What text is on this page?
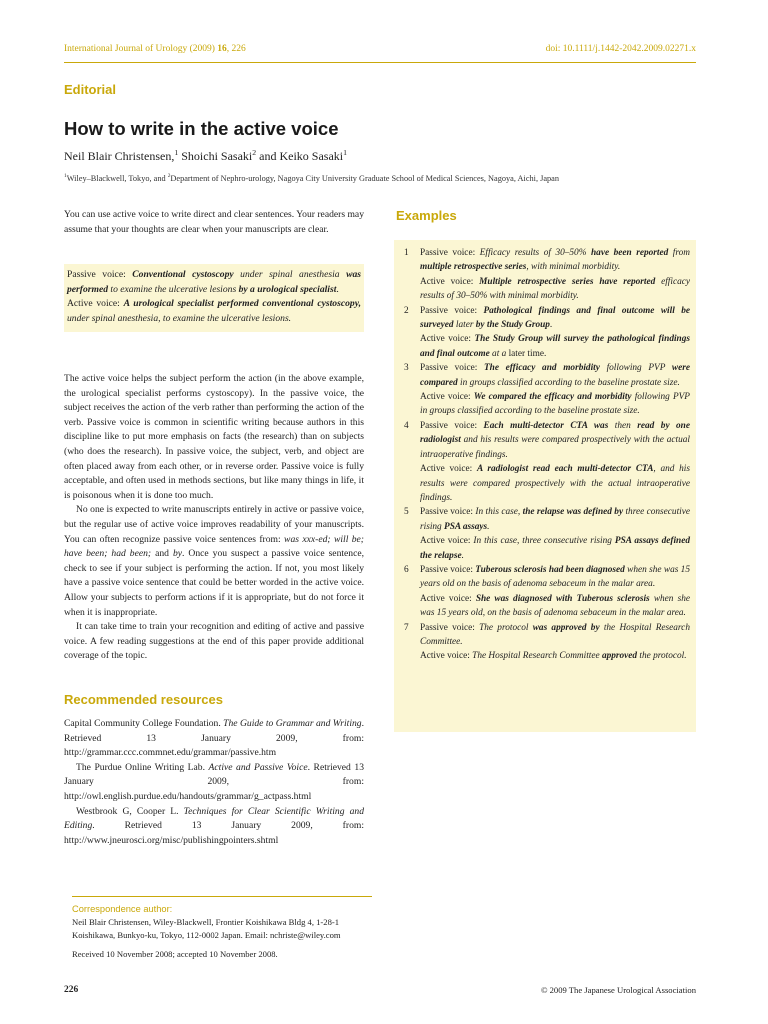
International Journal of Urology (2009) 16, 226	doi: 10.1111/j.1442-2042.2009.02271.x
Editorial
How to write in the active voice
Neil Blair Christensen,$^1$ Shoichi Sasaki$^2$ and Keiko Sasaki$^1$
$^1$Wiley–Blackwell, Tokyo, and $^2$Department of Nephro-urology, Nagoya City University Graduate School of Medical Sciences, Nagoya, Aichi, Japan

You can use active voice to write direct and clear sentences. Your readers may assume that your thoughts are clear when your manuscripts are clear.

Passive voice: Conventional cystoscopy under spinal anesthesia was performed to examine the ulcerative lesions by a urological specialist.

Active voice: A urological specialist performed conventional cystoscopy, under spinal anesthesia, to examine the ulcerative lesions.

The active voice helps the subject perform the action (in the above example, the urological specialist performs cystoscopy). In the passive voice, the subject receives the action of the verb rather than performing the action of the verb. Passive voice is common in scientific writing because authors in this discipline like to put more emphasis on facts (the research) than on subjects (who does the research). In passive voice, the subject, verb, and object are often placed away from each other, or in reverse order. Passive voice is fully acceptable, and often used in methods sections, but like many things in life, it is poisonous when it is done too much.

No one is expected to write manuscripts entirely in active or passive voice, but the regular use of active voice improves readability of your manuscripts. You can often recognize passive voice sentences from: was xxx-ed; will be; have been; had been; and by. Once you suspect a passive voice sentence, check to see if your subject is performing the action. If not, you most likely have a passive voice sentence that could be better worded in the active voice. Allow your subjects to perform actions if it is appropriate, but do not force it when it is inappropriate.

It can take time to train your recognition and editing of active and passive voice. A few reading suggestions at the end of this paper provide additional coverage of the topic.

Recommended resources

Capital Community College Foundation. The Guide to Grammar and Writing. Retrieved 13 January 2009, from: http://grammar.ccc.commnet.edu/grammar/passive.htm

The Purdue Online Writing Lab. Active and Passive Voice. Retrieved 13 January 2009, from: http://owl.english.purdue.edu/handouts/grammar/g_actpass.html

Westbrook G, Cooper L. Techniques for Clear Scientific Writing and Editing. Retrieved 13 January 2009, from: http://www.jneurosci.org/misc/publishingpointers.shtml

Examples
1	Passive voice: Efficacy results of 30–50% have been reported from multiple retrospective series, with minimal morbidity.

Active voice: Multiple retrospective series have reported efficacy results of 30–50% with minimal morbidity.

2	Passive voice: Pathological findings and final outcome will be surveyed later by the Study Group.

Active voice: The Study Group will survey the pathological findings and final outcome at a later time.

3	Passive voice: The efficacy and morbidity following PVP were compared in groups classified according to the baseline prostate size.

Active voice: We compared the efficacy and morbidity following PVP in groups classified according to the baseline prostate size.

4	Passive voice: Each multi-detector CTA was then read by one radiologist and his results were compared prospectively with the actual intraoperative findings.

Active voice: A radiologist read each multi-detector CTA, and his results were compared prospectively with the actual intraoperative findings.

5	Passive voice: In this case, the relapse was defined by three consecutive rising PSA assays.

Active voice: In this case, three consecutive rising PSA assays defined the relapse.

6	Passive voice: Tuberous sclerosis had been diagnosed when she was 15 years old on the basis of adenoma sebaceum in the malar area.

Active voice: She was diagnosed with Tuberous sclerosis when she was 15 years old, on the basis of adenoma sebaceum in the malar area.

7	Passive voice: The protocol was approved by the Hospital Research Committee.

Active voice: The Hospital Research Committee approved the protocol.

Correspondence author:
Neil Blair Christensen, Wiley-Blackwell, Frontier Koishikawa Bldg 4, 1-28-1 Koishikawa, Bunkyo-ku, Tokyo, 112-0002 Japan. Email: nchriste@wiley.com
Received 10 November 2008; accepted 10 November 2008.
226	© 2009 The Japanese Urological Association
